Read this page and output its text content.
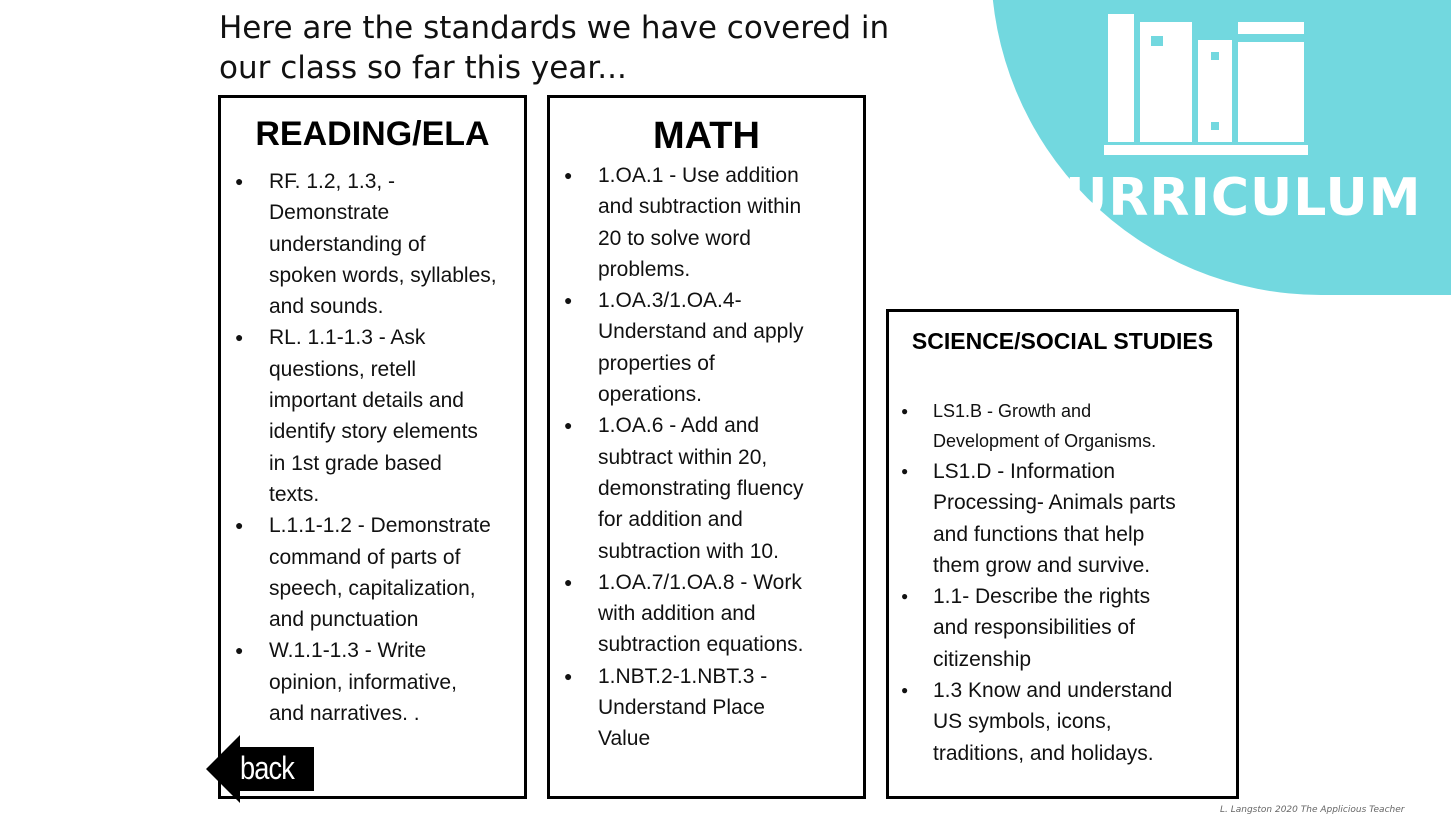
Here are the standards we have covered in
our class so far this year...
CURRICULUM
READING/ELA
● RF. 1.2, 1.3, -
Demonstrate
understanding of
spoken words, syllables,
and sounds.
● RL. 1.1-1.3 - Ask
questions, retell
important details and
identify story elements
in 1st grade based
texts.
● L.1.1-1.2 - Demonstrate
command of parts of
speech, capitalization,
and punctuation
● W.1.1-1.3 - Write
opinion, informative,
and narratives. .
MATH
● 1.OA.1 - Use addition
and subtraction within
20 to solve word
problems.
● 1.OA.3/1.OA.4-
Understand and apply
properties of
operations.
● 1.OA.6 - Add and
subtract within 20,
demonstrating fluency
for addition and
subtraction with 10.
● 1.OA.7/1.OA.8 - Work
with addition and
subtraction equations.
● 1.NBT.2-1.NBT.3 -
Understand Place
Value
SCIENCE/SOCIAL STUDIES
● LS1.B - Growth and
Development of Organisms.
● LS1.D - Information
Processing- Animals parts
and functions that help
them grow and survive.
● 1.1- Describe the rights
and responsibilities of
citizenship
● 1.3 Know and understand
US symbols, icons,
traditions, and holidays.
back
L. Langston 2020 The Applicious Teacher
